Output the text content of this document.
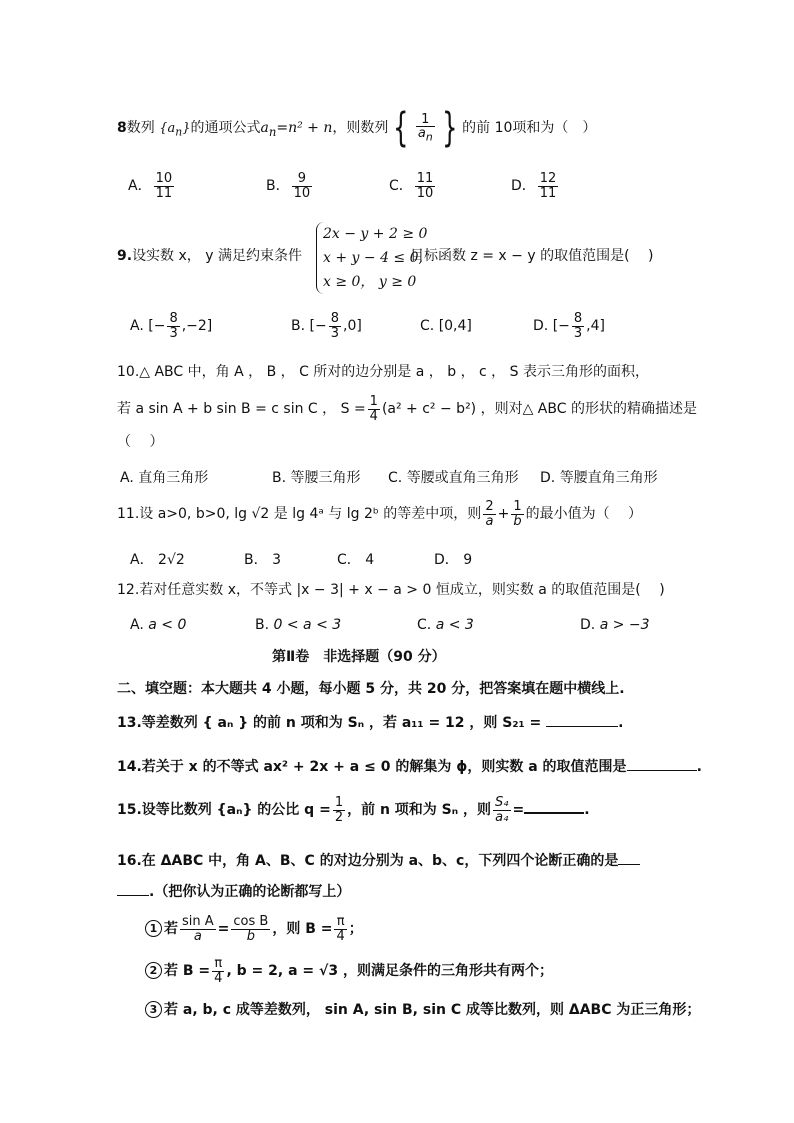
8数列 $\{a_n\}$的通项公式$a_n=n^2 + n$，则数列 { $\frac{1}{a_n}$ } 的前 10项和为（　）
A． $\frac{10}{11}$	B． $\frac{9}{10}$	C． $\frac{11}{10}$	D． $\frac{12}{11}$
9.设实数 x， y 满足约束条件
2x − y + 2 ≥ 0
x + y − 4 ≤ 0,
x ≥ 0， y ≥ 0
目标函数 z = x − y 的取值范围是(　 )
A. [− $\frac{8}{3} ,-2$]	B. [− $\frac{8}{3} ,0$]	C. [0,4]	D. [− $\frac{8}{3} ,4$]
10.△ ABC 中，角 A ， B ， C 所对的边分别是 a ， b ， c ， S 表示三角形的面积，
若 a sin A + b sin B = c sin C ， $S = \frac{1}{4} (a^2 + c^2 - b^2)$ ，则对△ ABC 的形状的精确描述是
（　 ）
A. 直角三角形	B. 等腰三角形 C. 等腰或直角三角形 D. 等腰直角三角形
11.设 a>0, b>0, lg √2 是 lg 4ᵃ 与 lg 2ᵇ 的等差中项，则 $\frac{2}{a} + \frac{1}{b}$ 的最小值为（　 ）
A． 2√2	B． 3	C． 4	D． 9
12.若对任意实数 x，不等式 |x − 3| + x − a > 0 恒成立，则实数 a 的取值范围是(　 )
A. a < 0	B. 0 < a < 3	C. a < 3	D. a > −3
第Ⅱ卷　非选择题（90 分）
二、填空题：本大题共 4 小题，每小题 5 分，共 20 分，把答案填在题中横线上.
13.等差数列 { aₙ } 的前 n 项和为 Sₙ ，若 a₁₁ = 12 ，则 S₂₁ =	.
14.若关于 x 的不等式 ax² + 2x + a ≤ 0 的解集为 ϕ，则实数 a 的取值范围是	.
15.设等比数列 {aₙ} 的公比 $q = \frac{1}{2}$ ，前 n 项和为 Sₙ ，则 $\frac{\text{S₄}}{\text{a₄}}$ =	.
16.在 ΔABC 中，角 A、B、C 的对边分别为 a、b、c，下列四个论断正确的是
.（把你认为正确的论断都写上）
1 若 $\frac{\text{sin A}}{a} = \frac{\text{cos B}}{b}$ ，则 $B = \frac{\pi}{4}$ ；
2 若 $B = \frac{\pi}{4}$ , b = 2, a = √3 ，则满足条件的三角形共有两个；
3 若 a, b, c 成等差数列， sin A, sin B, sin C 成等比数列，则 ΔABC 为正三角形；
